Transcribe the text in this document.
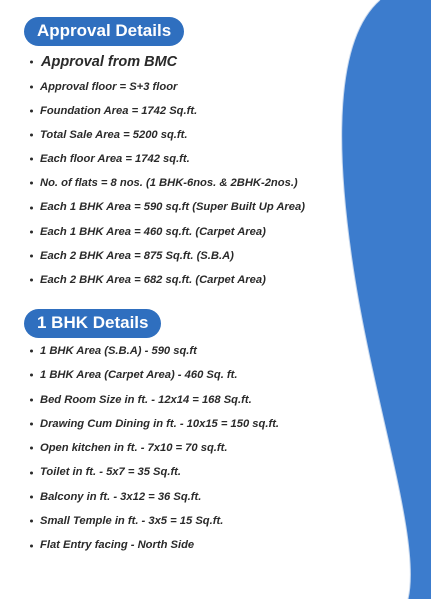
Approval Details
Approval from BMC
Approval floor = S+3 floor
Foundation Area = 1742 Sq.ft.
Total Sale Area = 5200 sq.ft.
Each floor Area = 1742 sq.ft.
No. of flats = 8 nos. (1 BHK-6nos. & 2BHK-2nos.)
Each 1 BHK Area = 590 sq.ft (Super Built Up Area)
Each 1 BHK Area = 460 sq.ft. (Carpet Area)
Each 2 BHK Area = 875 Sq.ft. (S.B.A)
Each 2 BHK Area = 682 sq.ft. (Carpet Area)
1 BHK Details
1 BHK Area (S.B.A) - 590 sq.ft
1 BHK Area (Carpet Area) - 460 Sq. ft.
Bed Room Size in ft. - 12x14 = 168 Sq.ft.
Drawing Cum Dining in ft. - 10x15 = 150 sq.ft.
Open kitchen in ft. - 7x10 = 70 sq.ft.
Toilet in ft. - 5x7 = 35 Sq.ft.
Balcony in ft. - 3x12 = 36 Sq.ft.
Small Temple in ft. - 3x5 = 15 Sq.ft.
Flat Entry facing - North Side
